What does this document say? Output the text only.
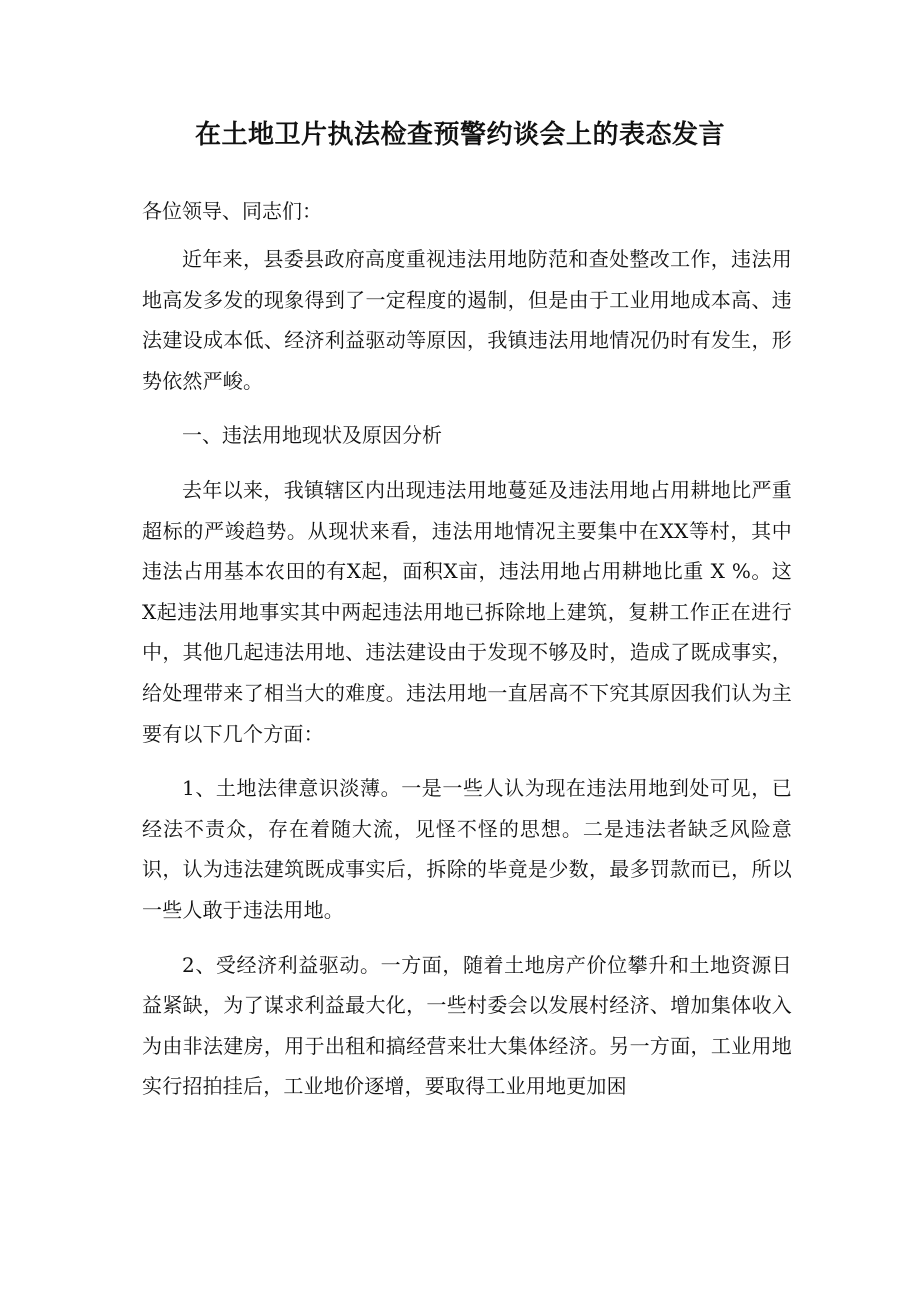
在土地卫片执法检查预警约谈会上的表态发言

各位领导、同志们：

近年来，县委县政府高度重视违法用地防范和查处整改工作，违法用地高发多发的现象得到了一定程度的遏制，但是由于工业用地成本高、违法建设成本低、经济利益驱动等原因，我镇违法用地情况仍时有发生，形势依然严峻。

一、违法用地现状及原因分析

去年以来，我镇辖区内出现违法用地蔓延及违法用地占用耕地比严重超标的严竣趋势。从现状来看，违法用地情况主要集中在XX等村，其中违法占用基本农田的有X起，面积X亩，违法用地占用耕地比重 X %。这X起违法用地事实其中两起违法用地已拆除地上建筑，复耕工作正在进行中，其他几起违法用地、违法建设由于发现不够及时，造成了既成事实，给处理带来了相当大的难度。违法用地一直居高不下究其原因我们认为主要有以下几个方面：

1、土地法律意识淡薄。一是一些人认为现在违法用地到处可见，已经法不责众，存在着随大流，见怪不怪的思想。二是违法者缺乏风险意识，认为违法建筑既成事实后，拆除的毕竟是少数，最多罚款而已，所以一些人敢于违法用地。

2、受经济利益驱动。一方面，随着土地房产价位攀升和土地资源日益紧缺，为了谋求利益最大化，一些村委会以发展村经济、增加集体收入为由非法建房，用于出租和搞经营来壮大集体经济。另一方面，工业用地实行招拍挂后，工业地价逐增，要取得工业用地更加困
